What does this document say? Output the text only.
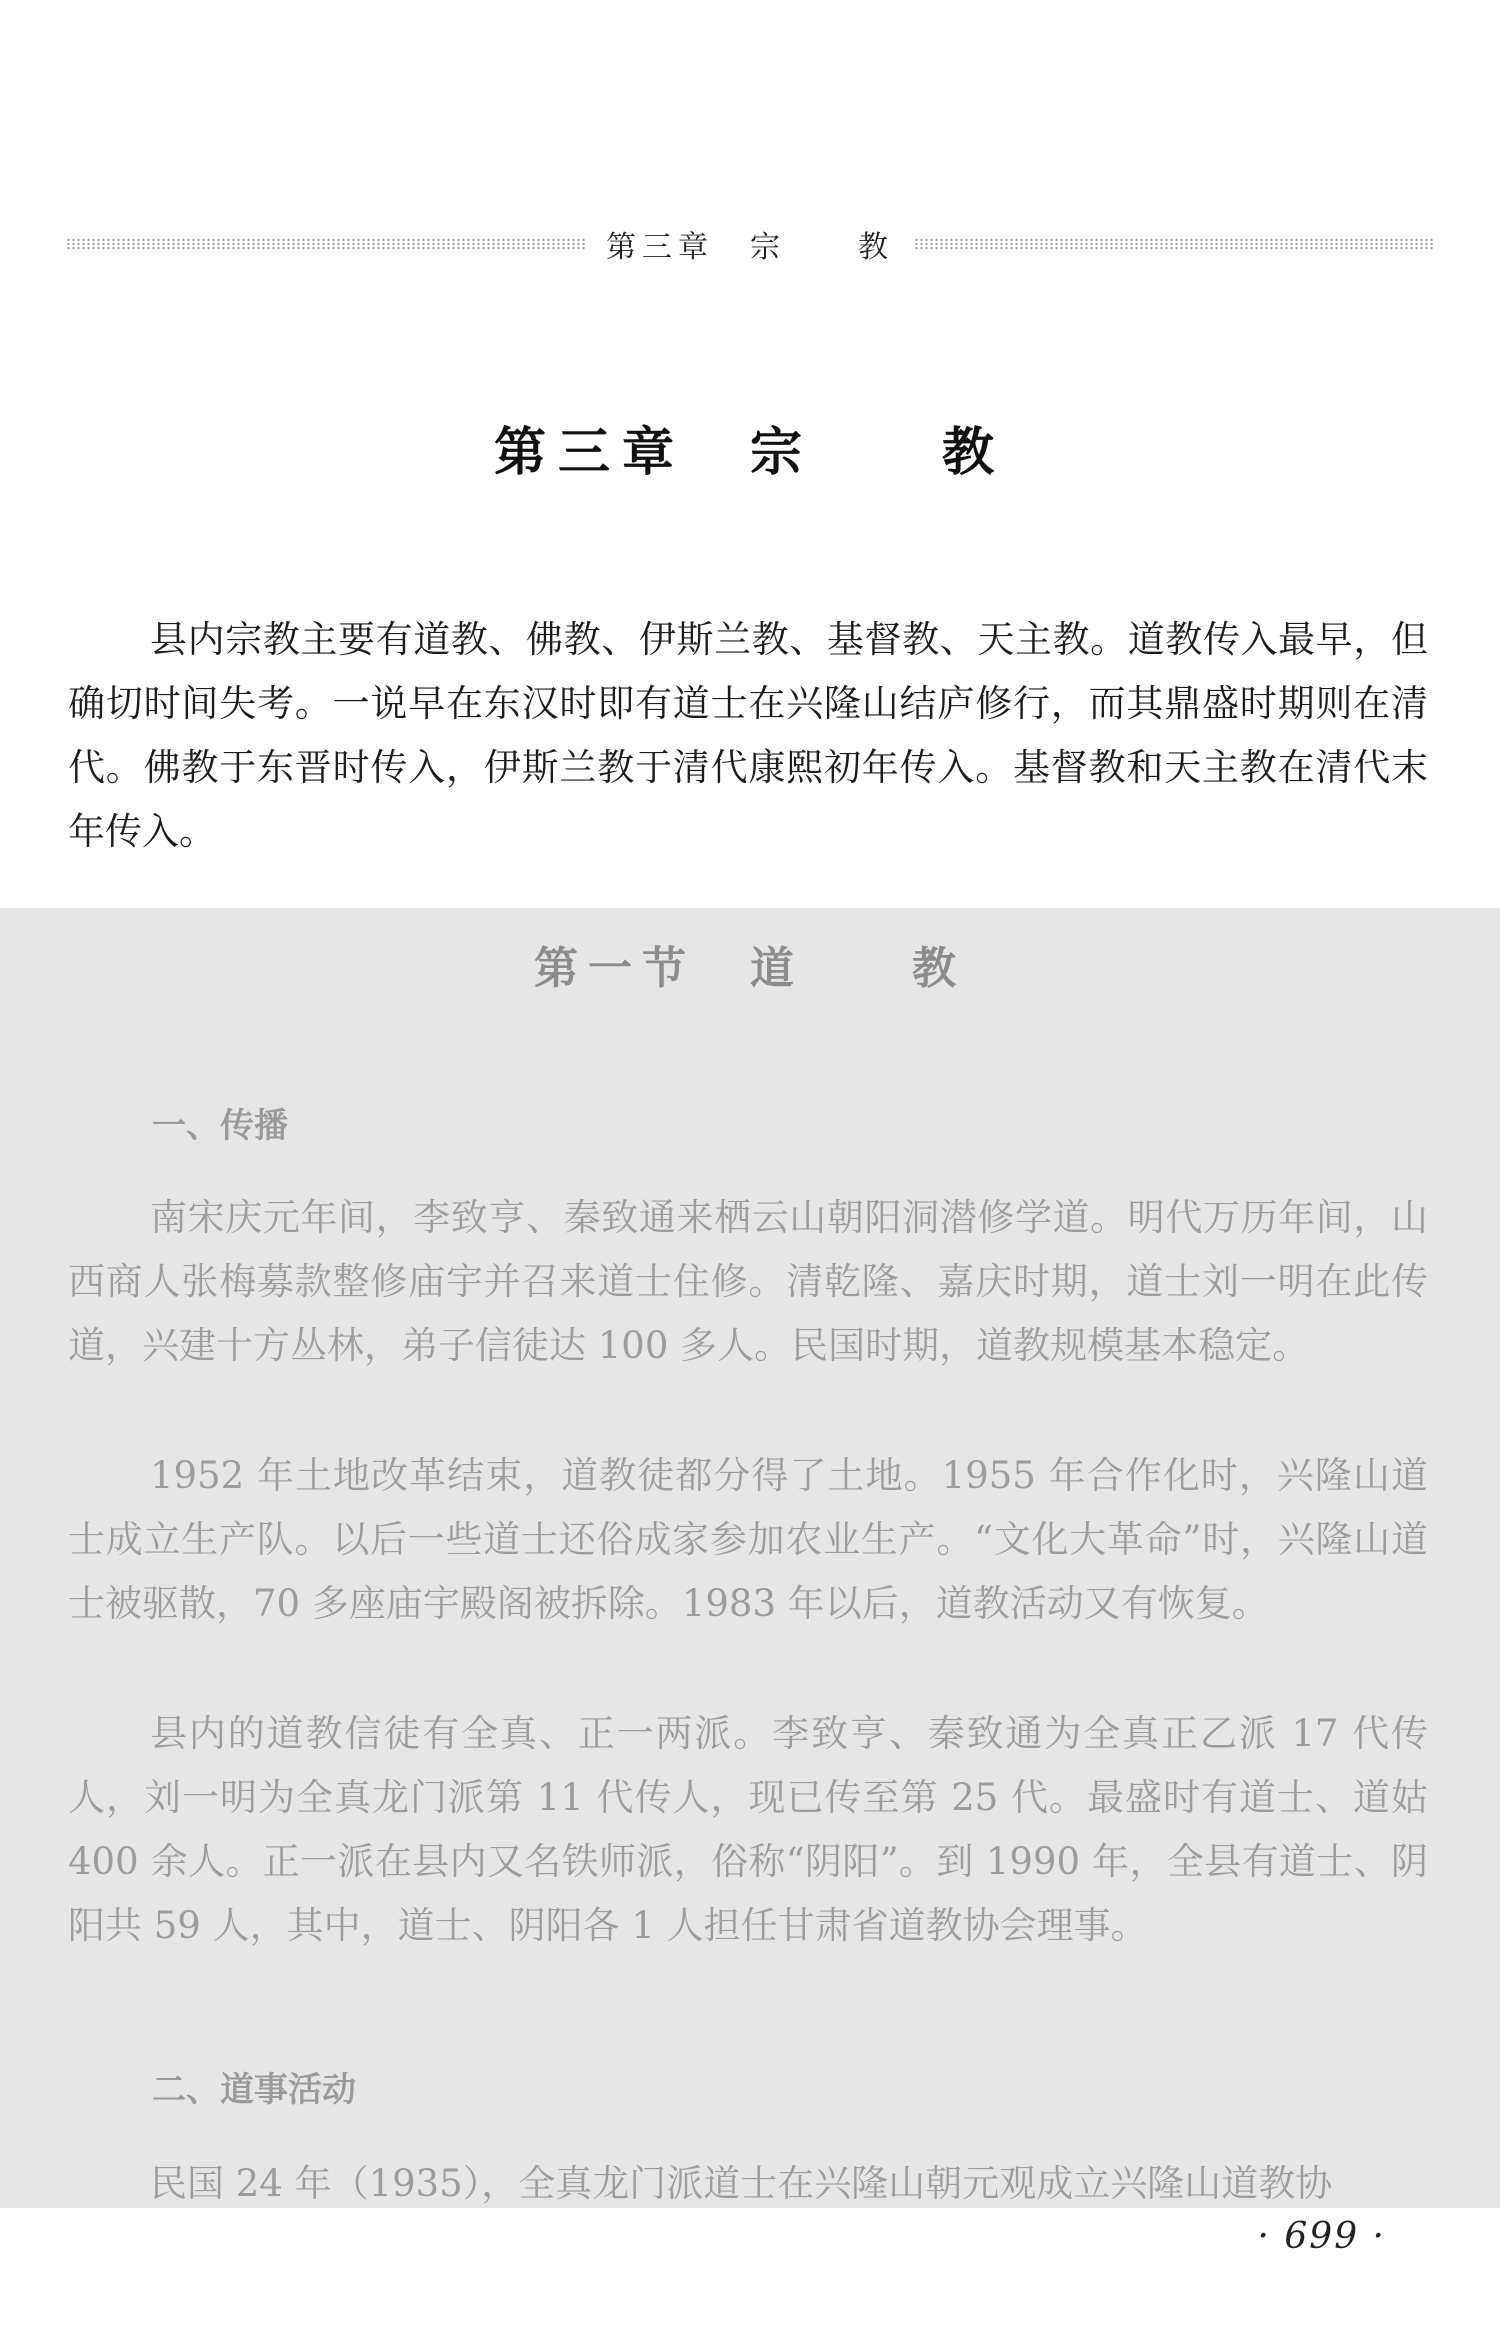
第三章　宗　　教
第三章　宗　　教

县内宗教主要有道教、佛教、伊斯兰教、基督教、天主教。道教传入最早，但确切时间失考。一说早在东汉时即有道士在兴隆山结庐修行，而其鼎盛时期则在清代。佛教于东晋时传入，伊斯兰教于清代康熙初年传入。基督教和天主教在清代末年传入。

第一节　道　　教
一、传播

南宋庆元年间，李致亨、秦致通来栖云山朝阳洞潜修学道。明代万历年间，山西商人张梅募款整修庙宇并召来道士住修。清乾隆、嘉庆时期，道士刘一明在此传道，兴建十方丛林，弟子信徒达 100 多人。民国时期，道教规模基本稳定。

1952 年土地改革结束，道教徒都分得了土地。1955 年合作化时，兴隆山道士成立生产队。以后一些道士还俗成家参加农业生产。“文化大革命”时，兴隆山道士被驱散，70 多座庙宇殿阁被拆除。1983 年以后，道教活动又有恢复。

县内的道教信徒有全真、正一两派。李致亨、秦致通为全真正乙派 17 代传人，刘一明为全真龙门派第 11 代传人，现已传至第 25 代。最盛时有道士、道姑 400 余人。正一派在县内又名铁师派，俗称“阴阳”。到 1990 年，全县有道士、阴阳共 59 人，其中，道士、阴阳各 1 人担任甘肃省道教协会理事。

二、道事活动

民国 24 年（1935），全真龙门派道士在兴隆山朝元观成立兴隆山道教协

· 699 ·
